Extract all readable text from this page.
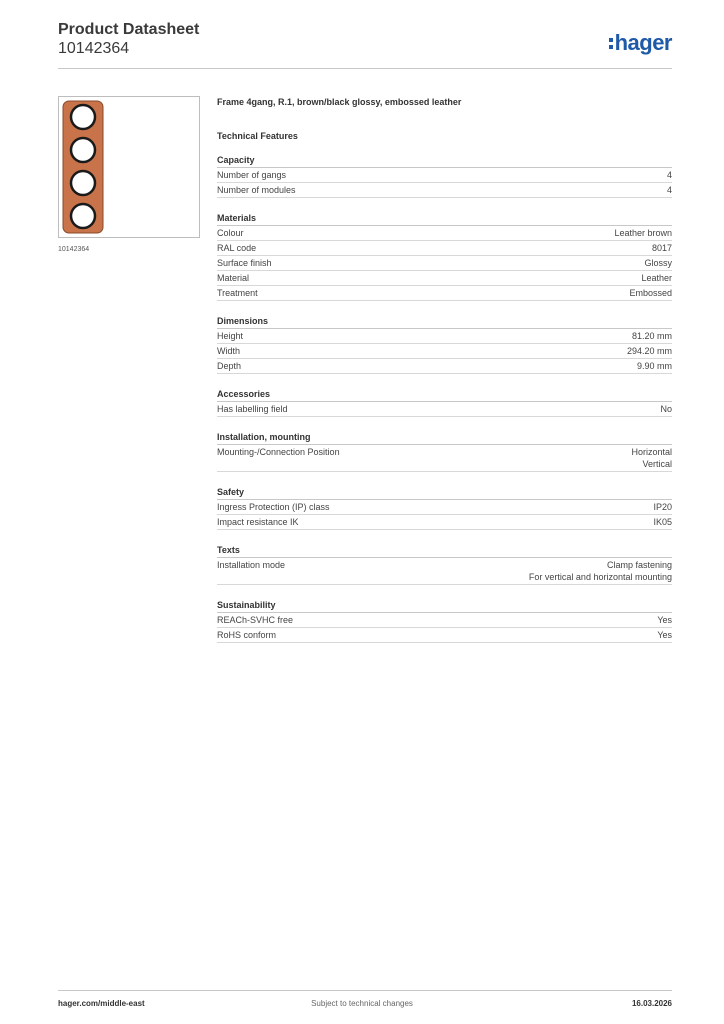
Product Datasheet
10142364	hager
10142364
Frame 4gang, R.1, brown/black glossy, embossed leather
Technical Features
Capacity
Number of gangs	4
Number of modules	4
Materials
Colour	Leather brown
RAL code	8017
Surface finish	Glossy
Material	Leather
Treatment	Embossed
Dimensions
Height	81.20 mm
Width	294.20 mm
Depth	9.90 mm
Accessories
Has labelling field	No
Installation, mounting
Mounting-/Connection Position	Horizontal
Vertical
Safety
Ingress Protection (IP) class	IP20
Impact resistance IK	IK05
Texts
Installation mode	Clamp fastening
For vertical and horizontal mounting
Sustainability
REACh-SVHC free	Yes
RoHS conform	Yes
hager.com/middle-east	Subject to technical changes	16.03.2026
